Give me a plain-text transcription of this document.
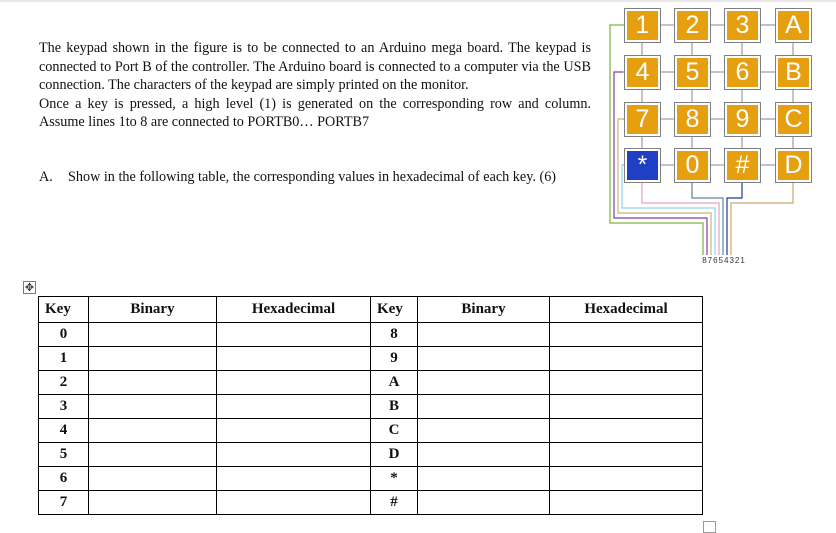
The keypad shown in the figure is to be connected to an Arduino mega board. The keypad is connected to Port B of the controller. The Arduino board is connected to a computer via the USB connection. The characters of the keypad are simply printed on the monitor.

Once a key is pressed, a high level (1) is generated on the corresponding row and column. Assume lines 1to 8 are connected to PORTB0… PORTB7

A. Show in the following table, the corresponding values in hexadecimal of each key. (6)
1	2	3	A
4	5	6	B
7	8	9	C
*	0	#	D
87654321
✥
Key	Binary	Hexadecimal	Key	Binary	Hexadecimal
0			8		
1			9		
2			A		
3			B		
4			C		
5			D		
6			*		
7			#		
